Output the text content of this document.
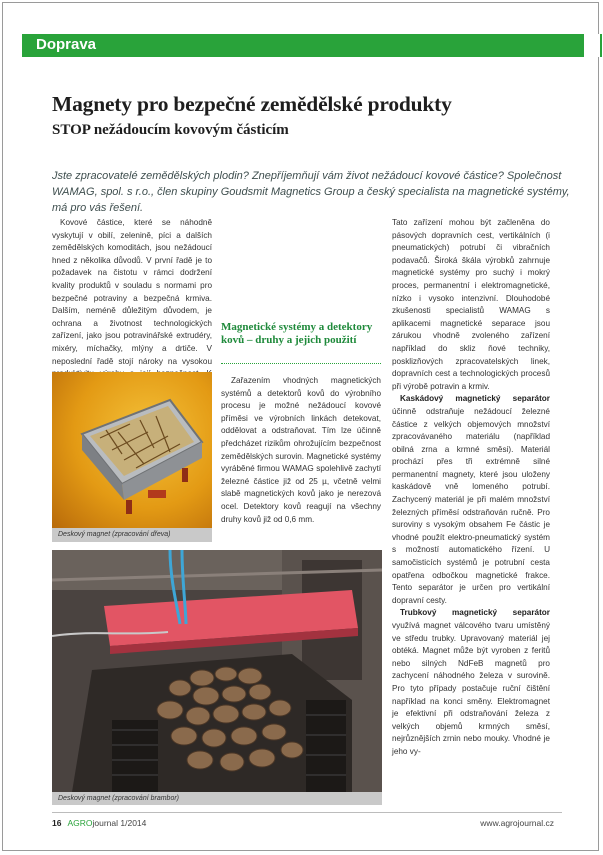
Doprava
Magnety pro bezpečné zemědělské produkty
STOP nežádoucím kovovým částicím

Jste zpracovatelé zemědělských plodin? Znepříjemňují vám život nežádoucí kovové částice? Společnost WAMAG, spol. s r.o., člen skupiny Goudsmit Magnetics Group a český specialista na magnetické systémy, má pro vás řešení.

Kovové částice, které se náhodně vyskytují v obilí, zelenině, píci a dalších zemědělských komoditách, jsou nežádoucí hned z několika důvodů. V první řadě je to požadavek na čistotu v rámci dodržení kvality produktů v souladu s normami pro bezpečné potraviny a bezpečná krmiva. Dalším, neméně důležitým důvodem, je ochrana a životnost technologických zařízení, jako jsou potravinářské extrudéry, mixéry, míchačky, mlýny a drtiče. V neposlední řadě stojí nároky na vysokou

Magnetické systémy a detektory kovů – druhy a jejich použití

Zařazením vhodných magnetických systémů a detektorů kovů do výrobního procesu je možné nežádoucí kovové příměsi ve výrobních linkách detekovat, oddělovat a odstraňovat. Tím lze účinně předcházet rizikům ohrožujícím bezpečnost zemědělských surovin. Magnetické systémy vyráběné firmou WAMAG spolehlivě zachytí železné částice již od 25 µ, včetně velmi slabě magnetických kovů jako je nerezová ocel. Detektory kovů reagují na všechny druhy kovů již od 0,6 mm.

Tato zařízení mohou být začleněna do pásových dopravních cest, vertikálních (i pneumatických) potrubí či vibračních podavačů. Široká škála výrobků zahrnuje magnetické systémy pro suchý i mokrý proces, permanentní i elektromagnetické, nízko i vysoko intenzivní. Dlouhodobé zkušenosti specialistů WAMAG s aplikacemi magnetické separace jsou zárukou vhodně zvoleného zařízení například do skliz ňové techniky, posklizňových zpracovatelských linek, dopravních cest a technologických procesů při výrobě potravin a krmiv.

Kaskádový magnetický separátor účinně odstraňuje nežádoucí železné částice z velkých objemových množství zpracovávaného materiálu (například obilná zrna a krmné směsi). Materiál prochází přes tři extrémně silné permanentní magnety, které jsou uloženy kaskádově vně lomeného potrubí. Zachycený materiál je při malém množství železných příměsí odstraňován ručně. Pro suroviny s vysokým obsahem Fe částic je vhodné použít elektro-pneumatický systém s možností automatického řízení. U samočisticích systémů je potrubní cesta opatřena odbočkou magnetické frakce. Tento separátor je určen pro vertikální dopravní cesty.

Trubkový magnetický separátor využívá magnet válcového tvaru umístěný ve středu trubky. Upravovaný materiál jej obtéká. Magnet může být vyroben z feritů nebo silných NdFeB magnetů pro zachycení náhodného železa v surovině. Pro tyto případy postačuje ruční čištění například na konci směny. Elektromagnet je efektivní při odstraňování železa z velkých objemů krmných směsí, nejrůznějších zrnin nebo mouky. Vhodné je jeho vy-

Deskový magnet (zpracování dřeva)
Deskový magnet (zpracování brambor)
16 AGROjournal 1/2014	www.agrojournal.cz
